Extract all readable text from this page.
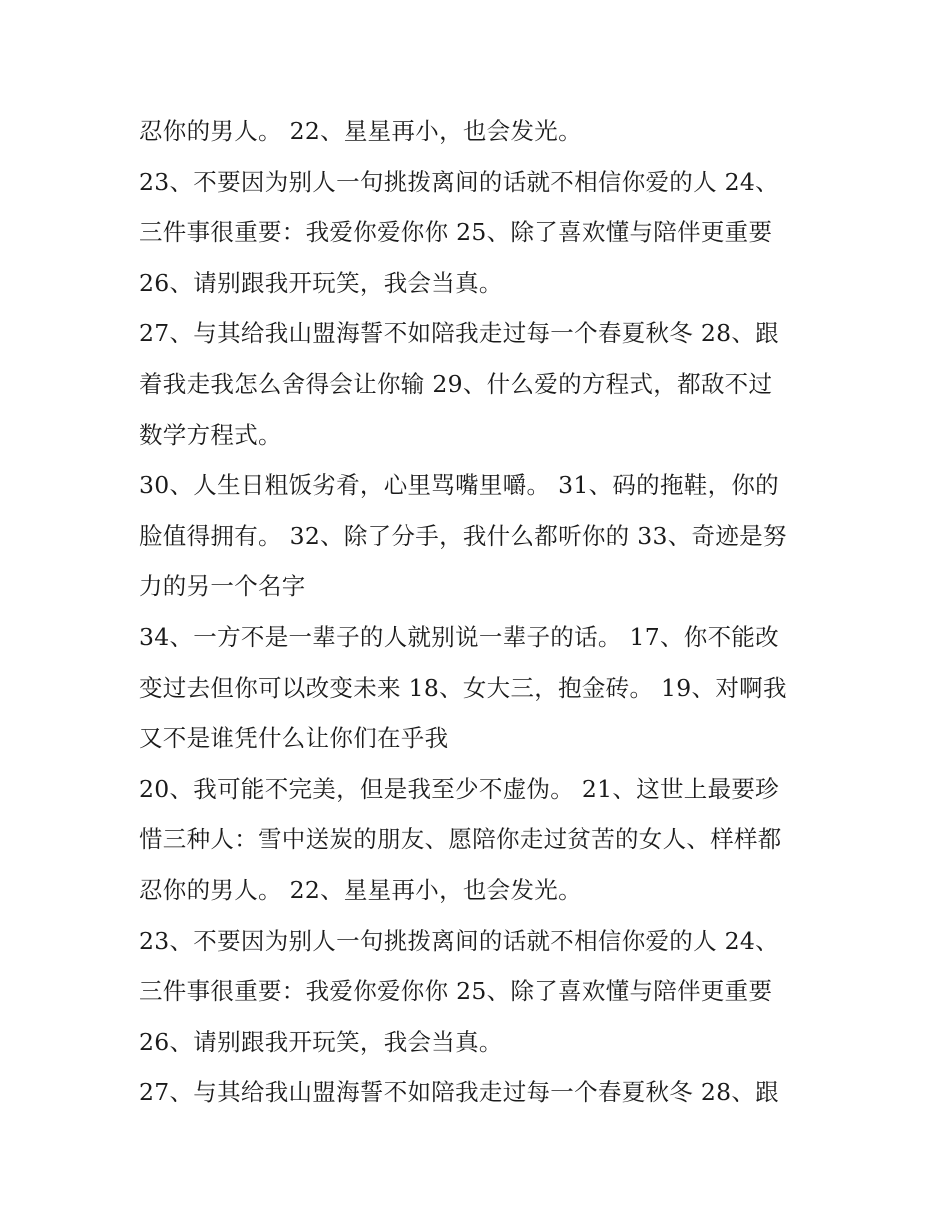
忍你的男人。 22、星星再小，也会发光。
23、不要因为别人一句挑拨离间的话就不相信你爱的人 24、
三件事很重要：我爱你爱你你 25、除了喜欢懂与陪伴更重要
26、请别跟我开玩笑，我会当真。
27、与其给我山盟海誓不如陪我走过每一个春夏秋冬 28、跟
着我走我怎么舍得会让你输 29、什么爱的方程式，都敌不过
数学方程式。
30、人生日粗饭劣肴，心里骂嘴里嚼。 31、码的拖鞋，你的
脸值得拥有。 32、除了分手，我什么都听你的 33、奇迹是努
力的另一个名字
34、一方不是一辈子的人就别说一辈子的话。 17、你不能改
变过去但你可以改变未来 18、女大三，抱金砖。 19、对啊我
又不是谁凭什么让你们在乎我
20、我可能不完美，但是我至少不虚伪。 21、这世上最要珍
惜三种人：雪中送炭的朋友、愿陪你走过贫苦的女人、样样都
忍你的男人。 22、星星再小，也会发光。
23、不要因为别人一句挑拨离间的话就不相信你爱的人 24、
三件事很重要：我爱你爱你你 25、除了喜欢懂与陪伴更重要
26、请别跟我开玩笑，我会当真。
27、与其给我山盟海誓不如陪我走过每一个春夏秋冬 28、跟
